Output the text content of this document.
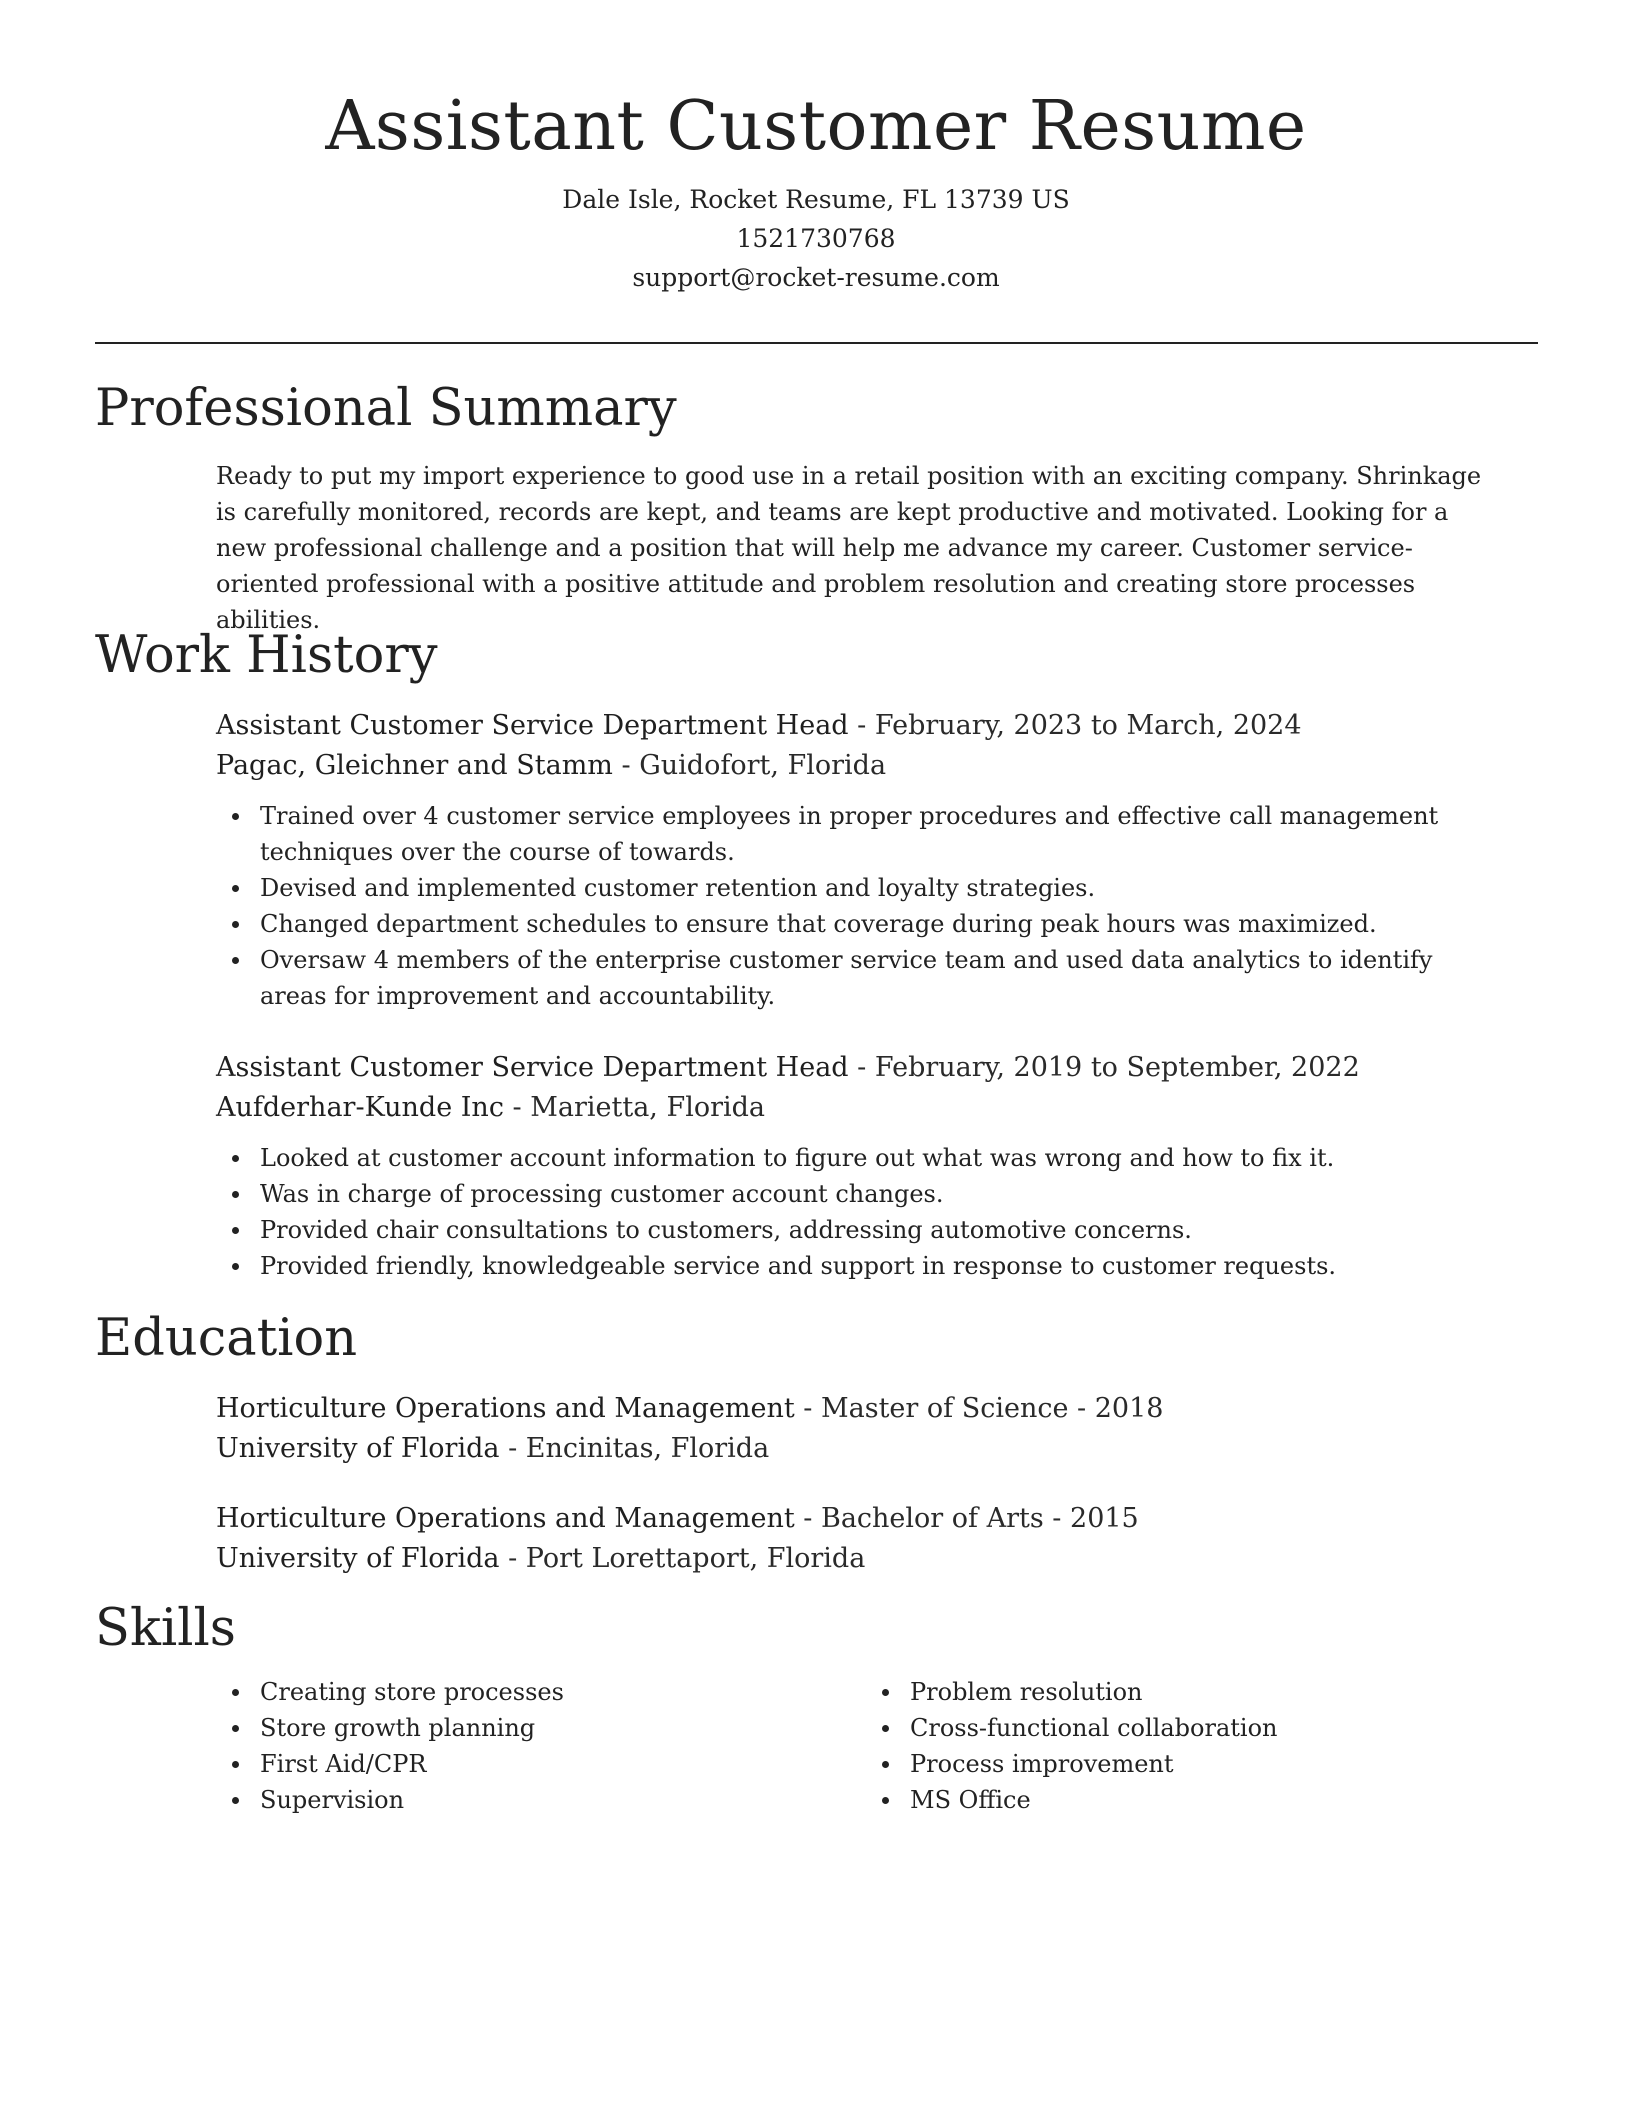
Assistant Customer Resume
Dale Isle, Rocket Resume, FL 13739 US
1521730768
support@rocket-resume.com
Professional Summary

Ready to put my import experience to good use in a retail position with an exciting company. Shrinkage is carefully monitored, records are kept, and teams are kept productive and motivated. Looking for a new professional challenge and a position that will help me advance my career. Customer service-oriented professional with a positive attitude and problem resolution and creating store processes abilities.

Work History
Assistant Customer Service Department Head - February, 2023 to March, 2024
Pagac, Gleichner and Stamm - Guidofort, Florida
Trained over 4 customer service employees in proper procedures and effective call management techniques over the course of towards.
Devised and implemented customer retention and loyalty strategies.
Changed department schedules to ensure that coverage during peak hours was maximized.
Oversaw 4 members of the enterprise customer service team and used data analytics to identify areas for improvement and accountability.
Assistant Customer Service Department Head - February, 2019 to September, 2022
Aufderhar-Kunde Inc - Marietta, Florida
Looked at customer account information to figure out what was wrong and how to fix it.
Was in charge of processing customer account changes.
Provided chair consultations to customers, addressing automotive concerns.
Provided friendly, knowledgeable service and support in response to customer requests.
Education
Horticulture Operations and Management - Master of Science - 2018
University of Florida - Encinitas, Florida
Horticulture Operations and Management - Bachelor of Arts - 2015
University of Florida - Port Lorettaport, Florida
Skills
Creating store processes
Store growth planning
First Aid/CPR
Supervision
Problem resolution
Cross-functional collaboration
Process improvement
MS Office
